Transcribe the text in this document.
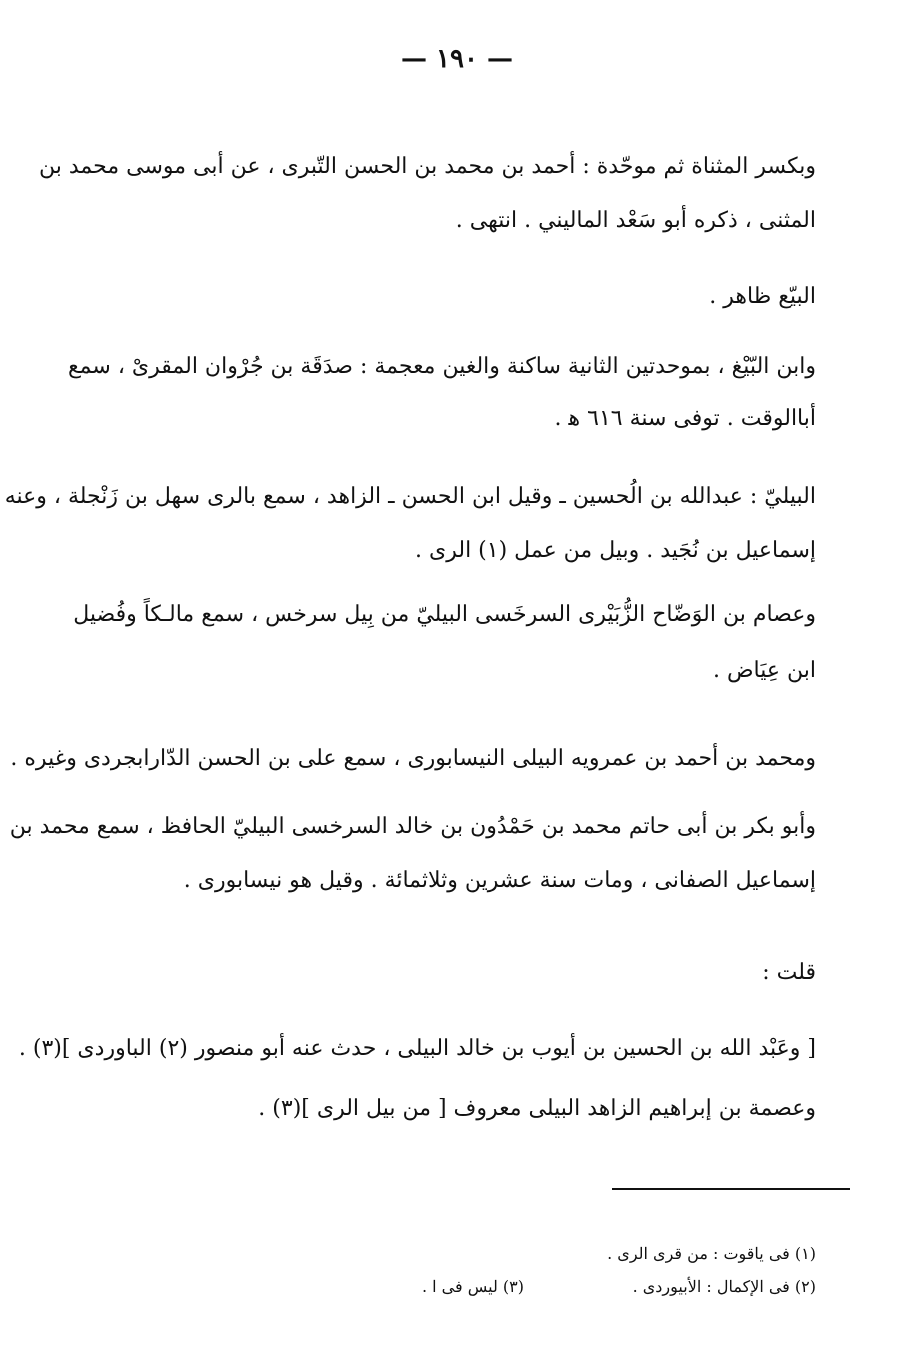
— ١٩٠ —
وبكسر المثناة ثم موحّدة : أحمد بن محمد بن الحسن التّبرى ، عن أبى موسى محمد بن
المثنى ، ذكره أبو سَعْد الماليني . انتهى .
البيّع ظاهر .
وابن البّيْغ ، بموحدتين الثانية ساكنة والغين معجمة : صدَقَة بن جُرْوان المقرىْ ، سمع
أباالوقت . توفى سنة ٦١٦ ﻫ .
البيليّ : عبدالله بن الُحسين ـ وقيل ابن الحسن ـ الزاهد ، سمع بالرى سهل بن زَنْجلة ، وعنه
إسماعيل بن نُجَيد . وبيل من عمل (١) الرى .
وعصام بن الوَضّاح الزُّبَيْرى السرخَسى البيليّ من بِيل سرخس ، سمع مالـكاً وفُضيل
ابن عِيَاض .
ومحمد بن أحمد بن عمرويه البيلى النيسابورى ، سمع على بن الحسن الدّارابجردى وغيره .
وأبو بكر بن أبى حاتم محمد بن حَمْدُون بن خالد السرخسى البيليّ الحافظ ، سمع محمد بن
إسماعيل الصفانى ، ومات سنة عشرين وثلاثمائة . وقيل هو نيسابورى .
قلت :
[ وعَبْد الله بن الحسين بن أيوب بن خالد البيلى ، حدث عنه أبو منصور (٢) الباوردى ](٣) .
وعصمة بن إبراهيم الزاهد البيلى معروف [ من بيل الرى ](٣) .
(١) فى ياقوت : من قرى الرى .
(٢) فى الإكمال : الأبيوردى .
(٣) ليس فى ا .
